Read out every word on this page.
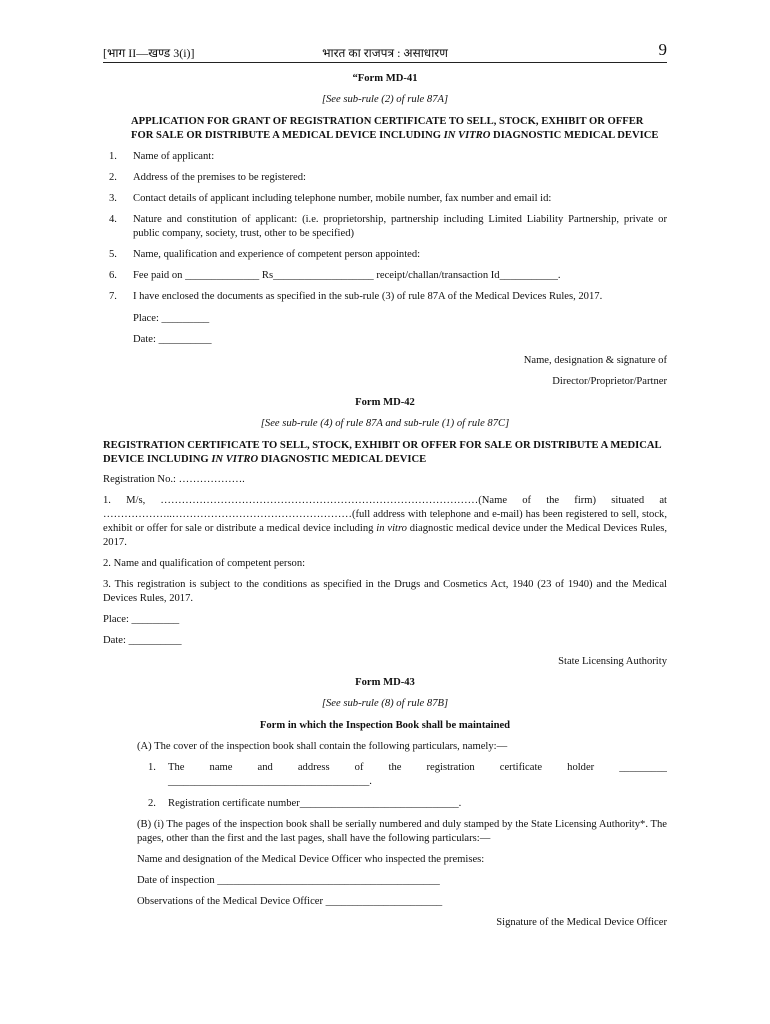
[भाग II—खण्ड 3(i)]	भारत का राजपत्र : असाधारण	9
“Form MD-41
[See sub-rule (2) of rule 87A]
APPLICATION FOR GRANT OF REGISTRATION CERTIFICATE TO SELL, STOCK, EXHIBIT OR OFFER FOR SALE OR DISTRIBUTE A MEDICAL DEVICE INCLUDING IN VITRO DIAGNOSTIC MEDICAL DEVICE
1.	Name of applicant:
2.	Address of the premises to be registered:
3.	Contact details of applicant including telephone number, mobile number, fax number and email id:
4.	Nature and constitution of applicant: (i.e. proprietorship, partnership including Limited Liability Partnership, private or public company, society, trust, other to be specified)
5.	Name, qualification and experience of competent person appointed:
6.	Fee paid on ______________ Rs___________________ receipt/challan/transaction Id___________.
7.	I have enclosed the documents as specified in the sub-rule (3) of rule 87A of the Medical Devices Rules, 2017.
Place: _________
Date: __________
Name, designation & signature of
Director/Proprietor/Partner
Form MD-42
[See sub-rule (4) of rule 87A and sub-rule (1) of rule 87C]
REGISTRATION CERTIFICATE TO SELL, STOCK, EXHIBIT OR OFFER FOR SALE OR DISTRIBUTE A MEDICAL DEVICE INCLUDING IN VITRO DIAGNOSTIC MEDICAL DEVICE
Registration No.: ……………….
1. M/s, ………………………………………………………………………………(Name of the firm) situated at ………………..……………………………………………(full address with telephone and e-mail) has been registered to sell, stock, exhibit or offer for sale or distribute a medical device including in vitro diagnostic medical device under the Medical Devices Rules, 2017.
2. Name and qualification of competent person:
3. This registration is subject to the conditions as specified in the Drugs and Cosmetics Act, 1940 (23 of 1940) and the Medical Devices Rules, 2017.
Place: _________
Date: __________
State Licensing Authority
Form MD-43
[See sub-rule (8) of rule 87B]
Form in which the Inspection Book shall be maintained
(A) The cover of the inspection book shall contain the following particulars, namely:—
1.	The name and address of the registration certificate holder _________
______________________________________.
2.	Registration certificate number______________________________.
(B) (i) The pages of the inspection book shall be serially numbered and duly stamped by the State Licensing Authority*. The pages, other than the first and the last pages, shall have the following particulars:—
Name and designation of the Medical Device Officer who inspected the premises:
Date of inspection __________________________________________
Observations of the Medical Device Officer ______________________
Signature of the Medical Device Officer
